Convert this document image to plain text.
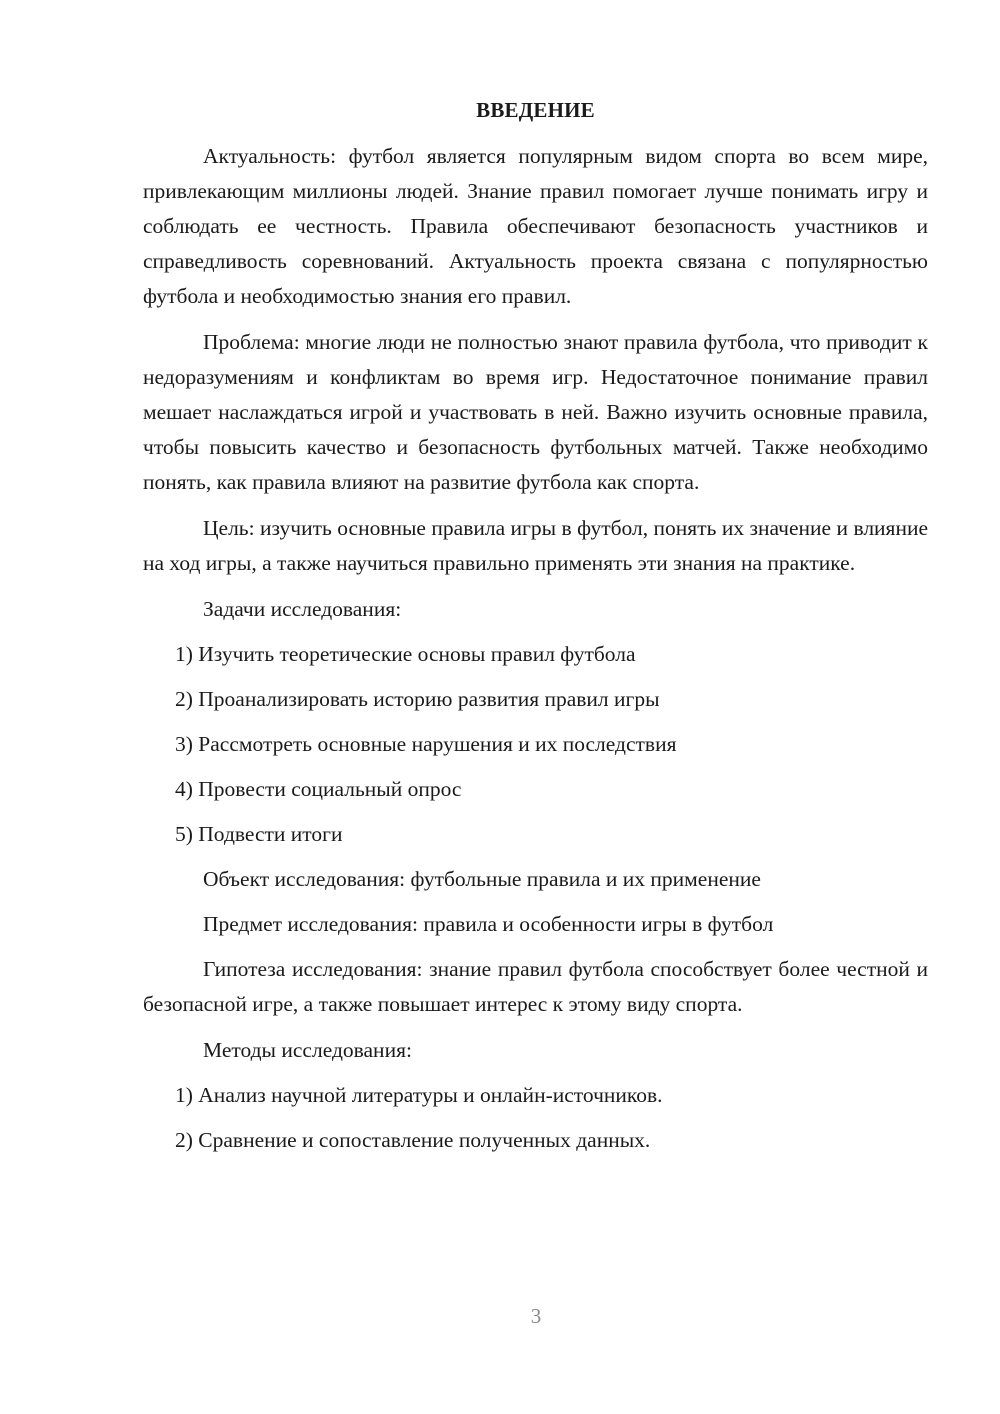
ВВЕДЕНИЕ

Актуальность: футбол является популярным видом спорта во всем мире, привлекающим миллионы людей. Знание правил помогает лучше понимать игру и соблюдать ее честность. Правила обеспечивают безопасность участников и справедливость соревнований. Актуальность проекта связана с популярностью футбола и необходимостью знания его правил.

Проблема: многие люди не полностью знают правила футбола, что приводит к недоразумениям и конфликтам во время игр. Недостаточное понимание правил мешает наслаждаться игрой и участвовать в ней. Важно изучить основные правила, чтобы повысить качество и безопасность футбольных матчей. Также необходимо понять, как правила влияют на развитие футбола как спорта.

Цель: изучить основные правила игры в футбол, понять их значение и влияние на ход игры, а также научиться правильно применять эти знания на практике.

Задачи исследования:

1) Изучить теоретические основы правил футбола
2) Проанализировать историю развития правил игры
3) Рассмотреть основные нарушения и их последствия
4) Провести социальный опрос
5) Подвести итоги

Объект исследования: футбольные правила и их применение

Предмет исследования: правила и особенности игры в футбол

Гипотеза исследования: знание правил футбола способствует более честной и безопасной игре, а также повышает интерес к этому виду спорта.

Методы исследования:

1) Анализ научной литературы и онлайн-источников.
2) Сравнение и сопоставление полученных данных.
3
